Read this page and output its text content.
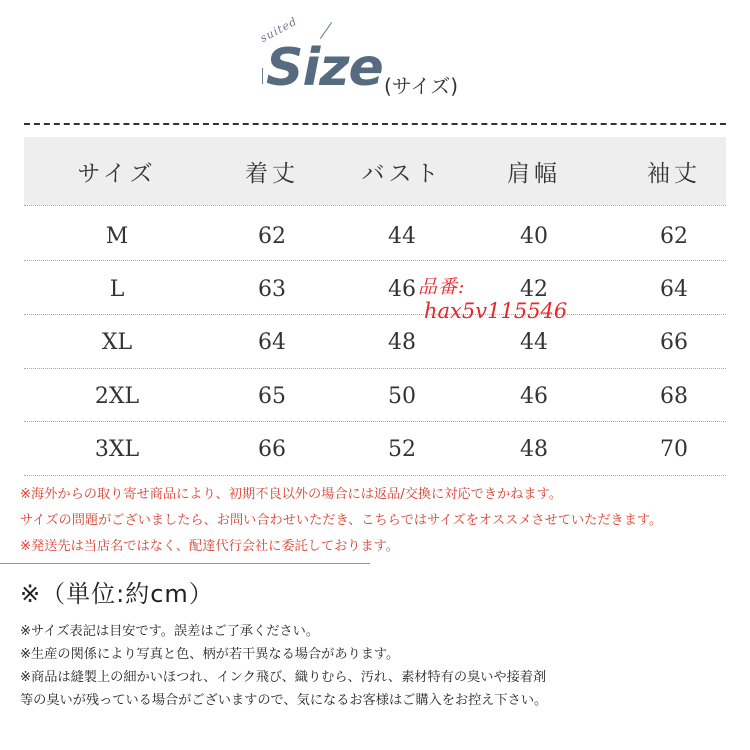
suited
Size (サイズ)
サイズ	着丈	バスト	肩幅	袖丈
M	62	44	40	62
L	63	46	42	64
XL	64	48	44	66
2XL	65	50	46	68
3XL	66	52	48	70
品番:
hax5v115546
※海外からの取り寄せ商品により、初期不良以外の場合には返品/交換に対応できかねます。
サイズの問題がございましたら、お問い合わせいただき、こちらではサイズをオススメさせていただきます。
※発送先は当店名ではなく、配達代行会社に委託しております。
※（単位:約cm）
※サイズ表記は目安です。誤差はご了承ください。
※生産の関係により写真と色、柄が若干異なる場合があります。
※商品は縫製上の細かいほつれ、インク飛び、織りむら、汚れ、素材特有の臭いや接着剤
等の臭いが残っている場合がございますので、気になるお客様はご購入をお控え下さい。
